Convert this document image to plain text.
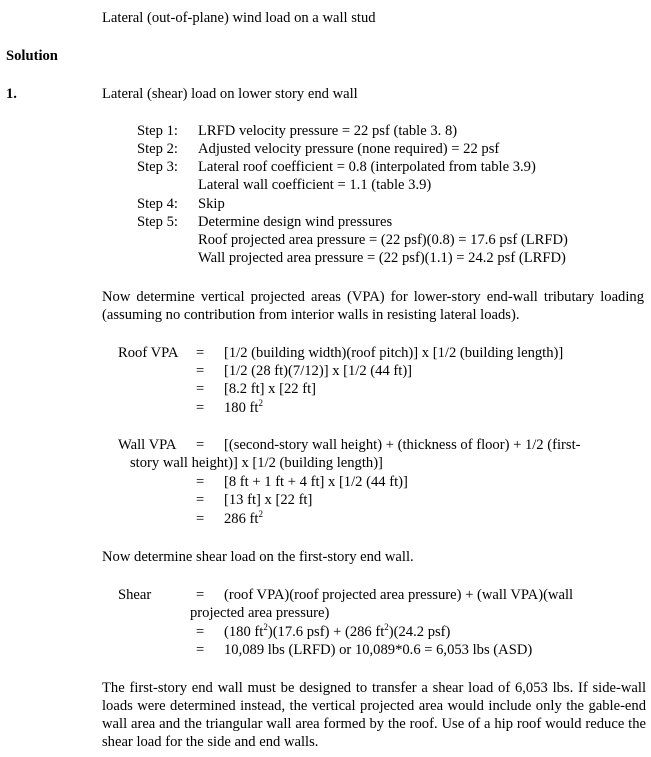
Lateral (out-of-plane) wind load on a wall stud
Solution
1.	Lateral (shear) load on lower story end wall
Step 1: LRFD velocity pressure = 22 psf (table 3. 8)
Step 2: Adjusted velocity pressure (none required) = 22 psf
Step 3: Lateral roof coefficient = 0.8 (interpolated from table 3.9)
Lateral wall coefficient = 1.1 (table 3.9)
Step 4: Skip
Step 5: Determine design wind pressures
Roof projected area pressure = (22 psf)(0.8) = 17.6 psf (LRFD)
Wall projected area pressure = (22 psf)(1.1) = 24.2 psf (LRFD)
Now determine vertical projected areas (VPA) for lower-story end-wall tributary loading (assuming no contribution from interior walls in resisting lateral loads).
Roof VPA = [1/2 (building width)(roof pitch)] x [1/2 (building length)]
= [1/2 (28 ft)(7/12)] x [1/2 (44 ft)]
= [8.2 ft] x [22 ft]
= 180 $ft^2$
Wall VPA = [(second-story wall height) + (thickness of floor) + 1/2 (first-
story wall height)] x [1/2 (building length)]
= [8 ft + 1 ft + 4 ft] x [1/2 (44 ft)]
= [13 ft] x [22 ft]
= 286 $ft^2$
Now determine shear load on the first-story end wall.
Shear	= (roof VPA)(roof projected area pressure) + (wall VPA)(wall
projected area pressure)
= (180 $ft^2)(17.6$ psf) + (286 $ft^2)(24.2$ psf)
= 10,089 lbs (LRFD) or 10,089*0.6 = 6,053 lbs (ASD)
The first-story end wall must be designed to transfer a shear load of 6,053 lbs. If side-wall loads were determined instead, the vertical projected area would include only the gable-end wall area and the triangular wall area formed by the roof. Use of a hip roof would reduce the shear load for the side and end walls.
